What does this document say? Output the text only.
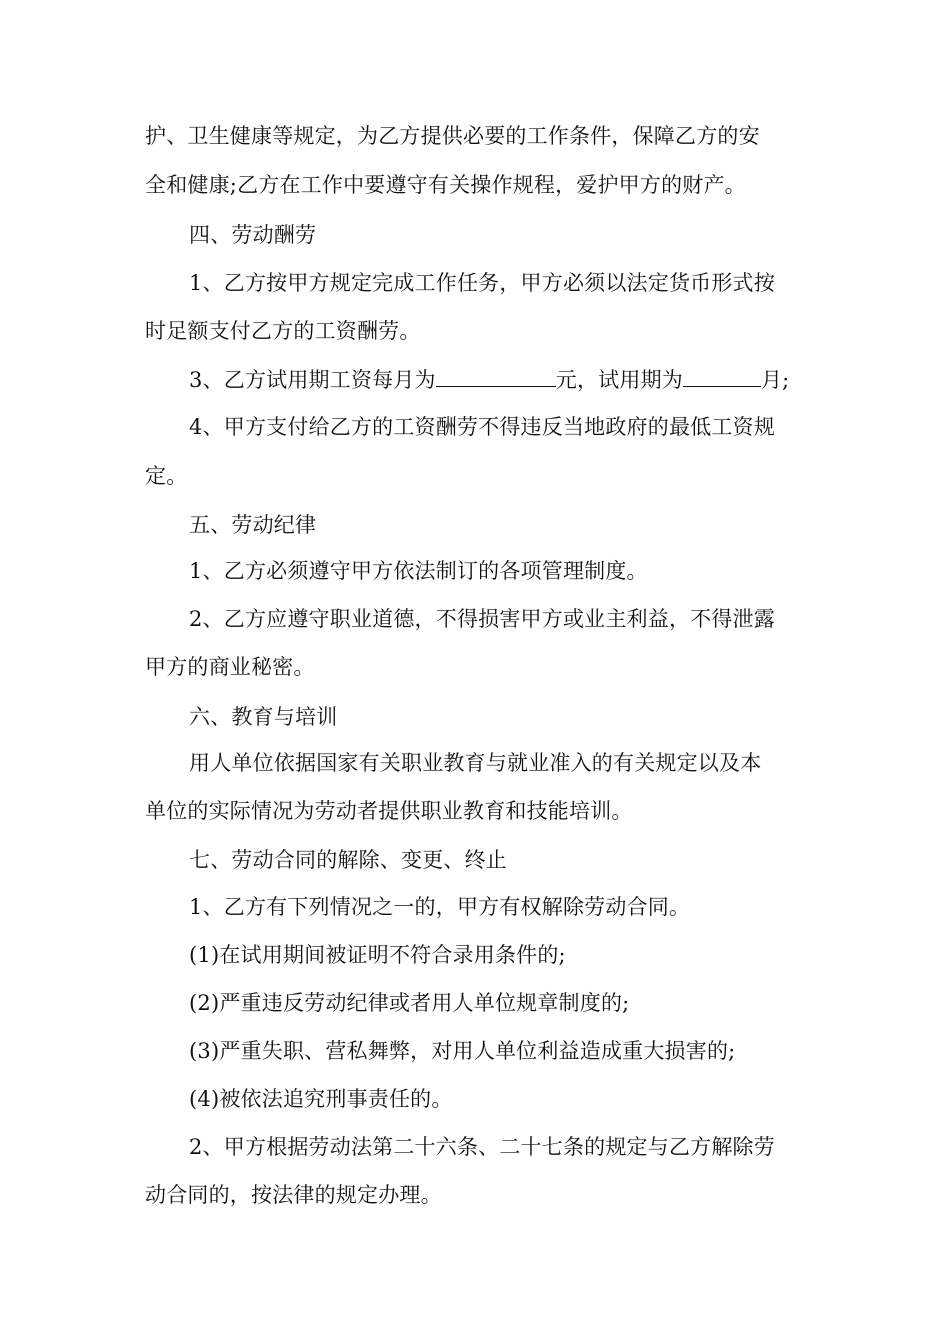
护、卫生健康等规定，为乙方提供必要的工作条件，保障乙方的安
全和健康;乙方在工作中要遵守有关操作规程，爱护甲方的财产。
四、劳动酬劳
1、乙方按甲方规定完成工作任务，甲方必须以法定货币形式按
时足额支付乙方的工资酬劳。
3、乙方试用期工资每月为	元，试用期为	月;
4、甲方支付给乙方的工资酬劳不得违反当地政府的最低工资规
定。
五、劳动纪律
1、乙方必须遵守甲方依法制订的各项管理制度。
2、乙方应遵守职业道德，不得损害甲方或业主利益，不得泄露
甲方的商业秘密。
六、教育与培训
用人单位依据国家有关职业教育与就业准入的有关规定以及本
单位的实际情况为劳动者提供职业教育和技能培训。
七、劳动合同的解除、变更、终止
1、乙方有下列情况之一的，甲方有权解除劳动合同。
(1)在试用期间被证明不符合录用条件的;
(2)严重违反劳动纪律或者用人单位规章制度的;
(3)严重失职、营私舞弊，对用人单位利益造成重大损害的;
(4)被依法追究刑事责任的。
2、甲方根据劳动法第二十六条、二十七条的规定与乙方解除劳
动合同的，按法律的规定办理。
